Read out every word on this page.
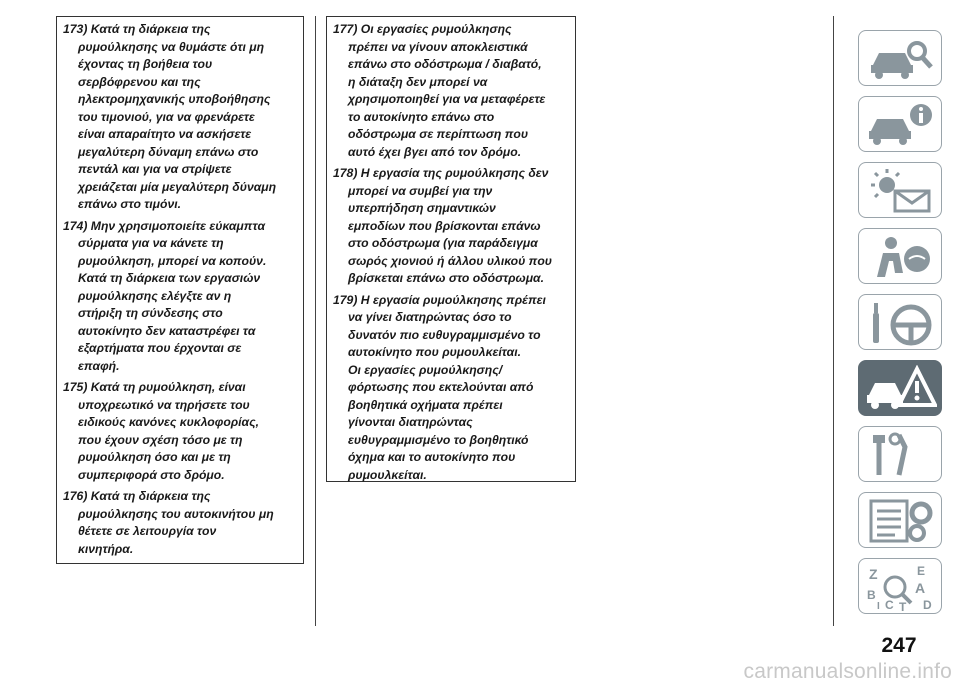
173) Κατά τη διάρκεια της
ρυμούλκησης να θυμάστε ότι μη
έχοντας τη βοήθεια του
σερβόφρενου και της
ηλεκτρομηχανικής υποβοήθησης
του τιμονιού, για να φρενάρετε
είναι απαραίτητο να ασκήσετε
μεγαλύτερη δύναμη επάνω στο
πεντάλ και για να στρίψετε
χρειάζεται μία μεγαλύτερη δύναμη
επάνω στο τιμόνι.
174) Μην χρησιμοποιείτε εύκαμπτα
σύρματα για να κάνετε τη
ρυμούλκηση, μπορεί να κοπούν.
Κατά τη διάρκεια των εργασιών
ρυμούλκησης ελέγξτε αν η
στήριξη τη σύνδεσης στο
αυτοκίνητο δεν καταστρέφει τα
εξαρτήματα που έρχονται σε
επαφή.
175) Κατά τη ρυμούλκηση, είναι
υποχρεωτικό να τηρήσετε του
ειδικούς κανόνες κυκλοφορίας,
που έχουν σχέση τόσο με τη
ρυμούλκηση όσο και με τη
συμπεριφορά στο δρόμο.
176) Κατά τη διάρκεια της
ρυμούλκησης του αυτοκινήτου μη
θέτετε σε λειτουργία τον
κινητήρα.
177) Οι εργασίες ρυμούλκησης
πρέπει να γίνουν αποκλειστικά
επάνω στο οδόστρωμα / διαβατό,
η διάταξη δεν μπορεί να
χρησιμοποιηθεί για να μεταφέρετε
το αυτοκίνητο επάνω στο
οδόστρωμα σε περίπτωση που
αυτό έχει βγει από τον δρόμο.
178) Η εργασία της ρυμούλκησης δεν
μπορεί να συμβεί για την
υπερπήδηση σημαντικών
εμποδίων που βρίσκονται επάνω
στο οδόστρωμα (για παράδειγμα
σωρός χιονιού ή άλλου υλικού που
βρίσκεται επάνω στο οδόστρωμα.
179) Η εργασία ρυμούλκησης πρέπει
να γίνει διατηρώντας όσο το
δυνατόν πιο ευθυγραμμισμένο το
αυτοκίνητο που ρυμουλκείται.
Οι εργασίες ρυμούλκησης/
φόρτωσης που εκτελούνται από
βοηθητικά οχήματα πρέπει
γίνονται διατηρώντας
ευθυγραμμισμένο το βοηθητικό
όχημα και το αυτοκίνητο που
ρυμουλκείται.
Z
B
C
I
E
A
D
T
247
carmanualsonline.info
